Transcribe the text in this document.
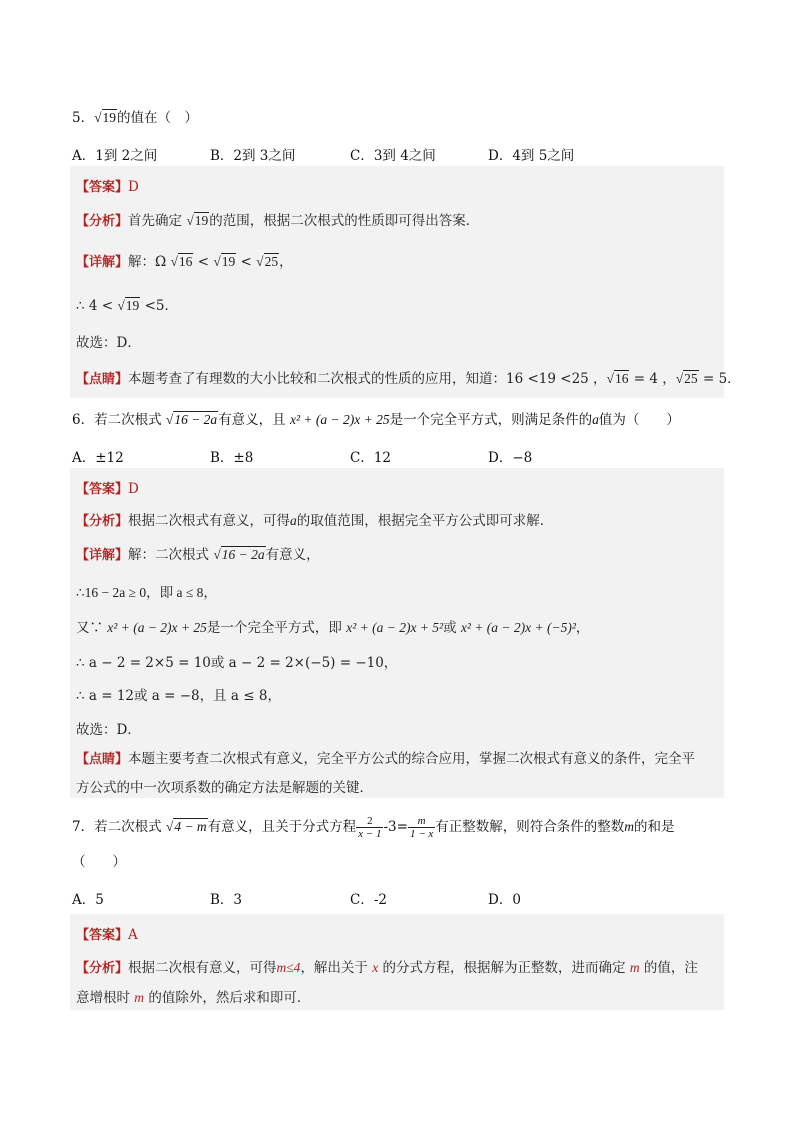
5．√19的值在（　）
A．1到 2之间	B．2到 3之间	C．3到 4之间	D．4到 5之间
【答案】D
【分析】首先确定 √19的范围，根据二次根式的性质即可得出答案．
【详解】解：Ω √16 < √19 < √25，
∴ 4 < √19 <5．
故选：D．
【点睛】本题考查了有理数的大小比较和二次根式的性质的应用，知道：16 <19 <25 ，√16 = 4 ，√25 = 5．
6．若二次根式 √16 − 2a有意义，且 x² + (a − 2)x + 25是一个完全平方式，则满足条件的a值为（　　）
A．±12	B．±8	C．12	D．−8
【答案】D
【分析】根据二次根式有意义，可得a的取值范围，根据完全平方公式即可求解．
【详解】解：二次根式 √16 − 2a有意义，
∴16 − 2a ≥ 0，即 a ≤ 8，
又∵ x² + (a − 2)x + 25是一个完全平方式，即 x² + (a − 2)x + 5²或 x² + (a − 2)x + (−5)²，
∴ a − 2 = 2×5 = 10或 a − 2 = 2×(−5) = −10，
∴ a = 12或 a = −8，且 a ≤ 8，
故选：D．
【点睛】本题主要考查二次根式有意义，完全平方公式的综合应用，掌握二次根式有意义的条件，完全平
方公式的中一次项系数的确定方法是解题的关键．
7．若二次根式 √4 − m有意义，且关于分式方程 $\frac{2}{x - 1} -3= \frac{m}{1 - x}$ 有正整数解，则符合条件的整数m的和是
（　　）
A．5	B．3	C．-2	D．0
【答案】A
【分析】根据二次根有意义，可得m≤4，解出关于 x 的分式方程，根据解为正整数，进而确定 m 的值，注
意增根时 m 的值除外，然后求和即可．
